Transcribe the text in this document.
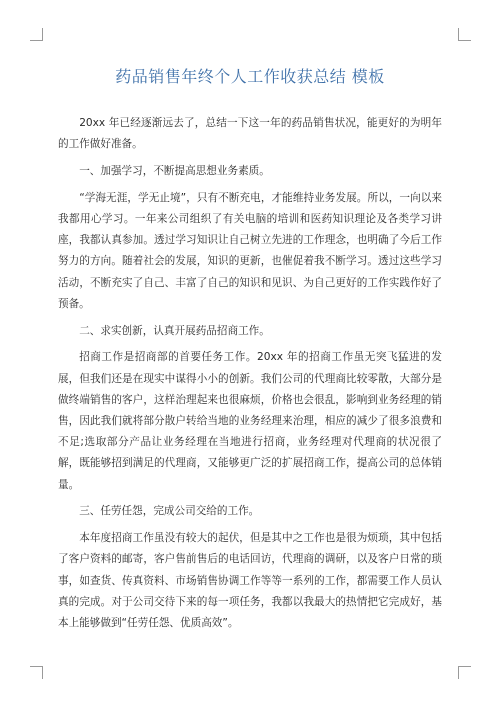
药品销售年终个人工作收获总结 模板

20xx 年已经逐渐远去了，总结一下这一年的药品销售状况，能更好的为明年的工作做好准备。

一、加强学习，不断提高思想业务素质。

“学海无涯，学无止境”，只有不断充电，才能维持业务发展。所以，一向以来我都用心学习。一年来公司组织了有关电脑的培训和医药知识理论及各类学习讲座，我都认真参加。透过学习知识让自己树立先进的工作理念，也明确了今后工作努力的方向。随着社会的发展，知识的更新，也催促着我不断学习。透过这些学习活动，不断充实了自己、丰富了自己的知识和见识、为自己更好的工作实践作好了预备。

二、求实创新，认真开展药品招商工作。

招商工作是招商部的首要任务工作。20xx 年的招商工作虽无突飞猛进的发展，但我们还是在现实中谋得小小的创新。我们公司的代理商比较零散，大部分是做终端销售的客户，这样治理起来也很麻烦，价格也会很乱，影响到业务经理的销售，因此我们就将部分散户转给当地的业务经理来治理，相应的减少了很多浪费和不足;选取部分产品让业务经理在当地进行招商，业务经理对代理商的状况很了解，既能够招到满足的代理商，又能够更广泛的扩展招商工作，提高公司的总体销量。

三、任劳任怨，完成公司交给的工作。

本年度招商工作虽没有较大的起伏，但是其中之工作也是很为烦琐，其中包括了客户资料的邮寄，客户售前售后的电话回访，代理商的调研，以及客户日常的琐事，如查货、传真资料、市场销售协调工作等等一系列的工作，都需要工作人员认真的完成。对于公司交待下来的每一项任务，我都以我最大的热情把它完成好，基本上能够做到“任劳任怨、优质高效”。
